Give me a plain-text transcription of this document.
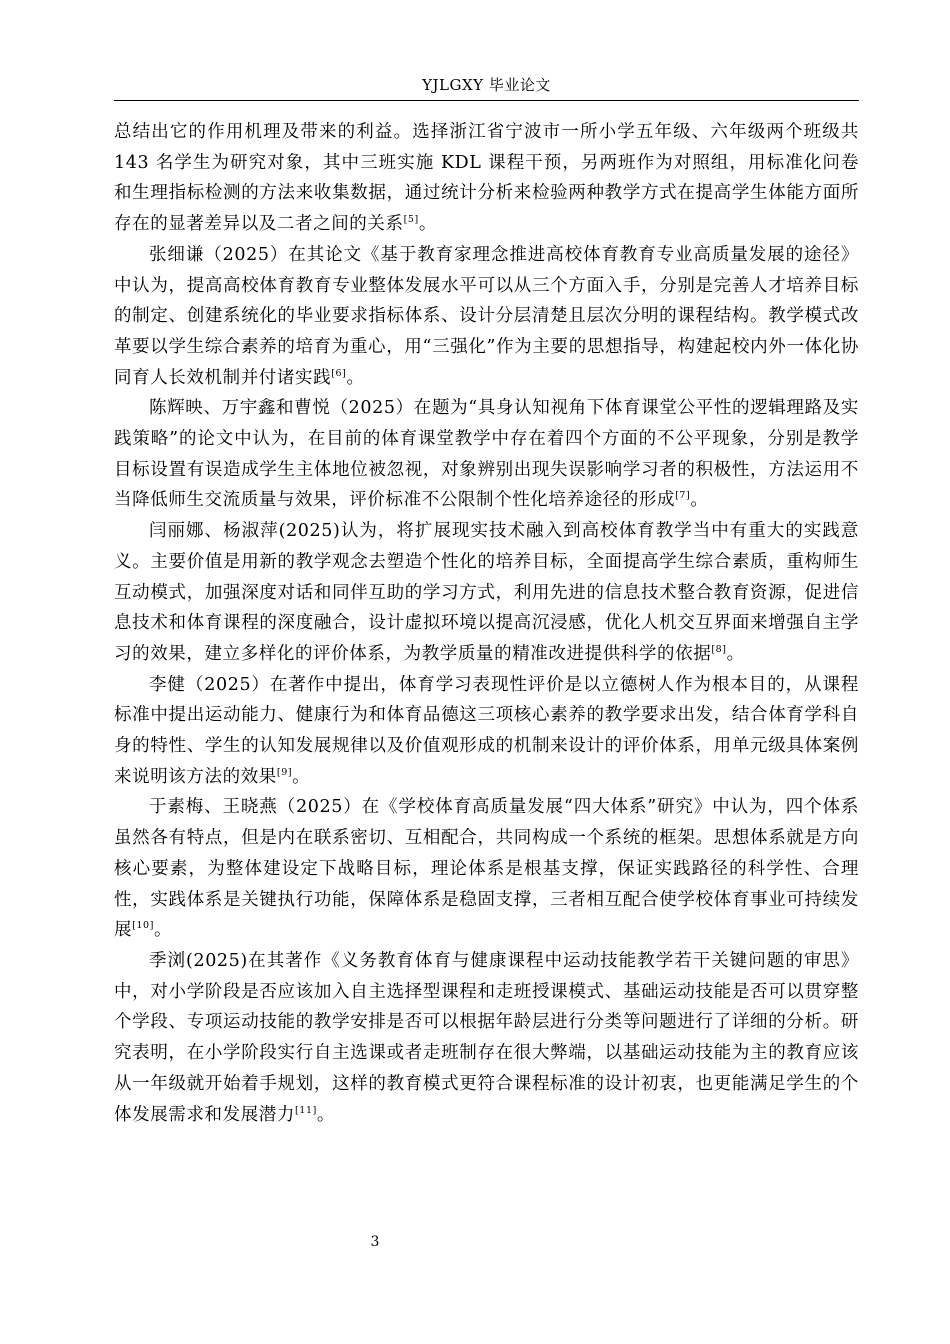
YJLGXY 毕业论文

总结出它的作用机理及带来的利益。选择浙江省宁波市一所小学五年级、六年级两个班级共 143 名学生为研究对象，其中三班实施 KDL 课程干预，另两班作为对照组，用标准化问卷和生理指标检测的方法来收集数据，通过统计分析来检验两种教学方式在提高学生体能方面所存在的显著差异以及二者之间的关系[5]。

张细谦（2025）在其论文《基于教育家理念推进高校体育教育专业高质量发展的途径》中认为，提高高校体育教育专业整体发展水平可以从三个方面入手，分别是完善人才培养目标的制定、创建系统化的毕业要求指标体系、设计分层清楚且层次分明的课程结构。教学模式改革要以学生综合素养的培育为重心，用“三强化”作为主要的思想指导，构建起校内外一体化协同育人长效机制并付诸实践[6]。

陈辉映、万宇鑫和曹悦（2025）在题为“具身认知视角下体育课堂公平性的逻辑理路及实践策略”的论文中认为，在目前的体育课堂教学中存在着四个方面的不公平现象，分别是教学目标设置有误造成学生主体地位被忽视，对象辨别出现失误影响学习者的积极性，方法运用不当降低师生交流质量与效果，评价标准不公限制个性化培养途径的形成[7]。

闫丽娜、杨淑萍(2025)认为，将扩展现实技术融入到高校体育教学当中有重大的实践意义。主要价值是用新的教学观念去塑造个性化的培养目标，全面提高学生综合素质，重构师生互动模式，加强深度对话和同伴互助的学习方式，利用先进的信息技术整合教育资源，促进信息技术和体育课程的深度融合，设计虚拟环境以提高沉浸感，优化人机交互界面来增强自主学习的效果，建立多样化的评价体系，为教学质量的精准改进提供科学的依据[8]。

李健（2025）在著作中提出，体育学习表现性评价是以立德树人作为根本目的，从课程标准中提出运动能力、健康行为和体育品德这三项核心素养的教学要求出发，结合体育学科自身的特性、学生的认知发展规律以及价值观形成的机制来设计的评价体系，用单元级具体案例来说明该方法的效果[9]。

于素梅、王晓燕（2025）在《学校体育高质量发展“四大体系”研究》中认为，四个体系虽然各有特点，但是内在联系密切、互相配合，共同构成一个系统的框架。思想体系就是方向核心要素，为整体建设定下战略目标，理论体系是根基支撑，保证实践路径的科学性、合理性，实践体系是关键执行功能，保障体系是稳固支撑，三者相互配合使学校体育事业可持续发展[10]。

季浏(2025)在其著作《义务教育体育与健康课程中运动技能教学若干关键问题的审思》中，对小学阶段是否应该加入自主选择型课程和走班授课模式、基础运动技能是否可以贯穿整个学段、专项运动技能的教学安排是否可以根据年龄层进行分类等问题进行了详细的分析。研究表明，在小学阶段实行自主选课或者走班制存在很大弊端，以基础运动技能为主的教育应该从一年级就开始着手规划，这样的教育模式更符合课程标准的设计初衷，也更能满足学生的个体发展需求和发展潜力[11]。

3
